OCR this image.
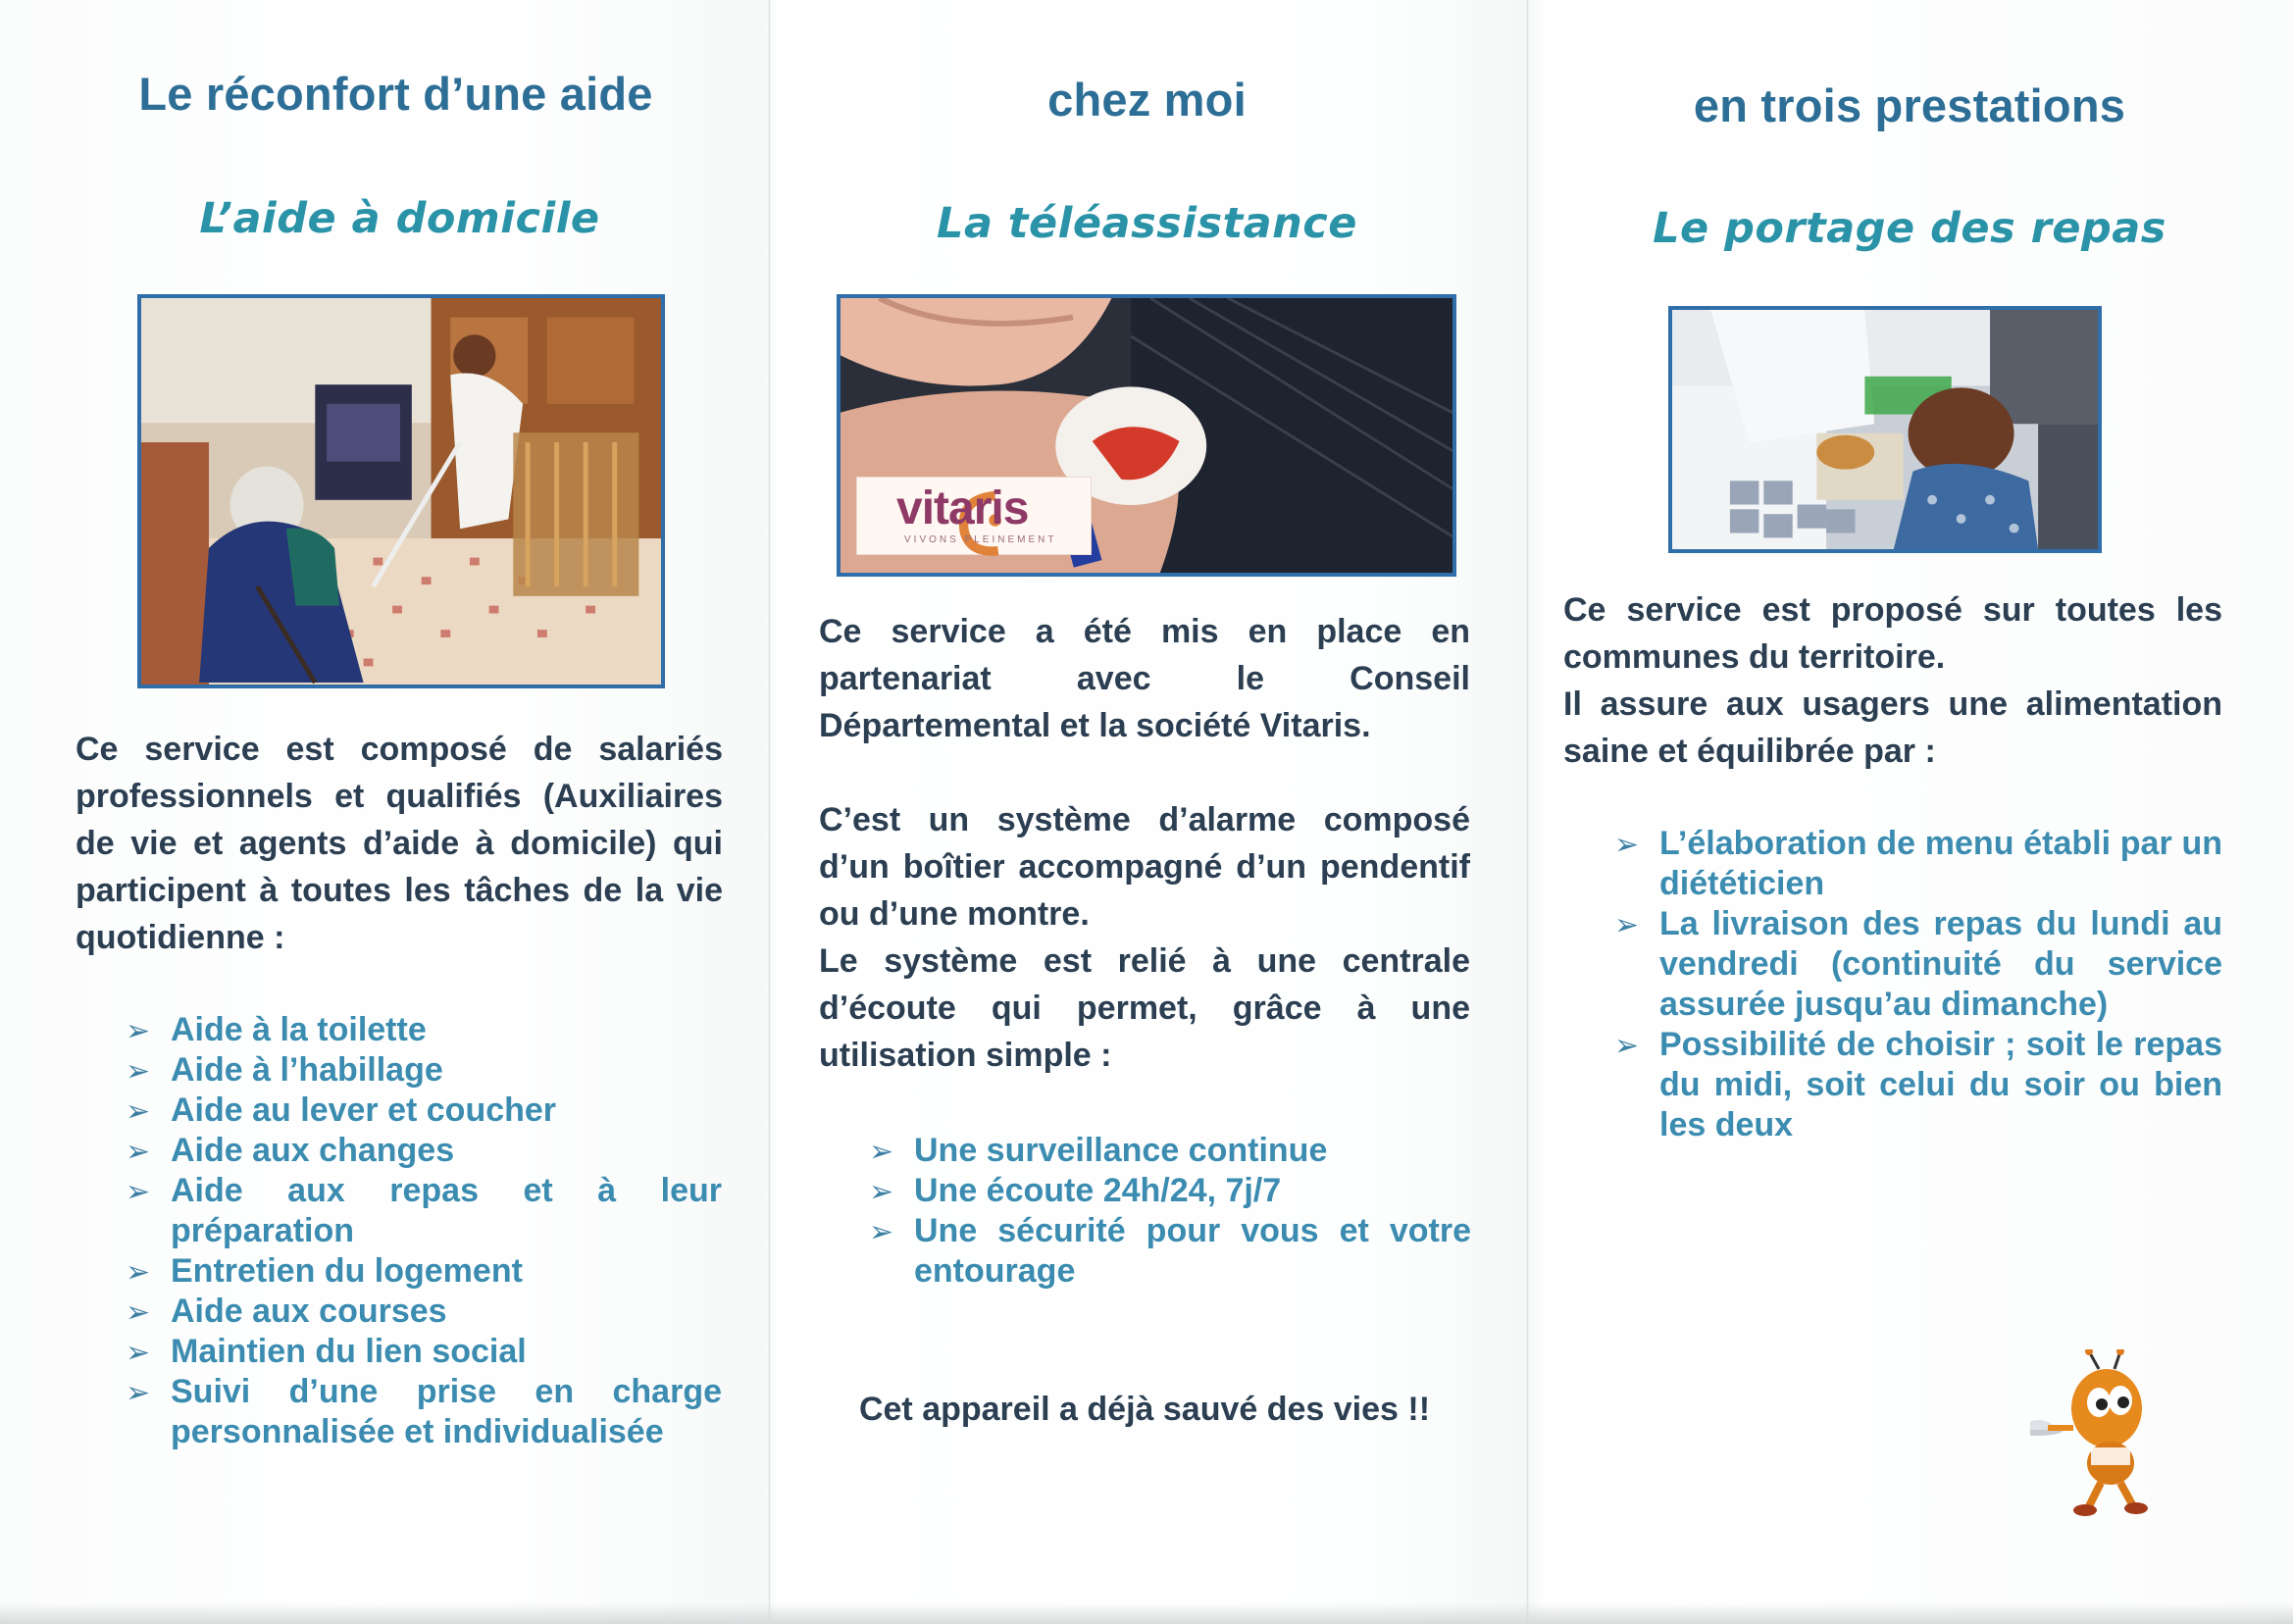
Le réconfort d’une aide
L’aide à domicile
Ce service est composé de salariés professionnels et qualifiés (Auxiliaires de vie et agents d’aide à domicile) qui participent à toutes les tâches de la vie quotidienne :
➢ Aide à la toilette
➢ Aide à l’habillage
➢ Aide au lever et coucher
➢ Aide aux changes
➢ Aide aux repas et à leur préparation
➢ Entretien du logement
➢ Aide aux courses
➢ Maintien du lien social
➢ Suivi d’une prise en charge personnalisée et individualisée
chez moi
La téléassistance
vitaris
VIVONS PLEINEMENT
Ce service a été mis en place en partenariat avec le Conseil Départemental et la société Vitaris.
C’est un système d’alarme composé d’un boîtier accompagné d’un pendentif ou d’une montre.
Le système est relié à une centrale d’écoute qui permet, grâce à une utilisation simple :
➢ Une surveillance continue
➢ Une écoute 24h/24, 7j/7
➢ Une sécurité pour vous et votre entourage
Cet appareil a déjà sauvé des vies !!
en trois prestations
Le portage des repas
Ce service est proposé sur toutes les communes du territoire.
Il assure aux usagers une alimentation saine et équilibrée par :
➢ L’élaboration de menu établi par un diététicien
➢ La livraison des repas du lundi au vendredi (continuité du service assurée jusqu’au dimanche)
➢ Possibilité de choisir ; soit le repas du midi, soit celui du soir ou bien les deux
